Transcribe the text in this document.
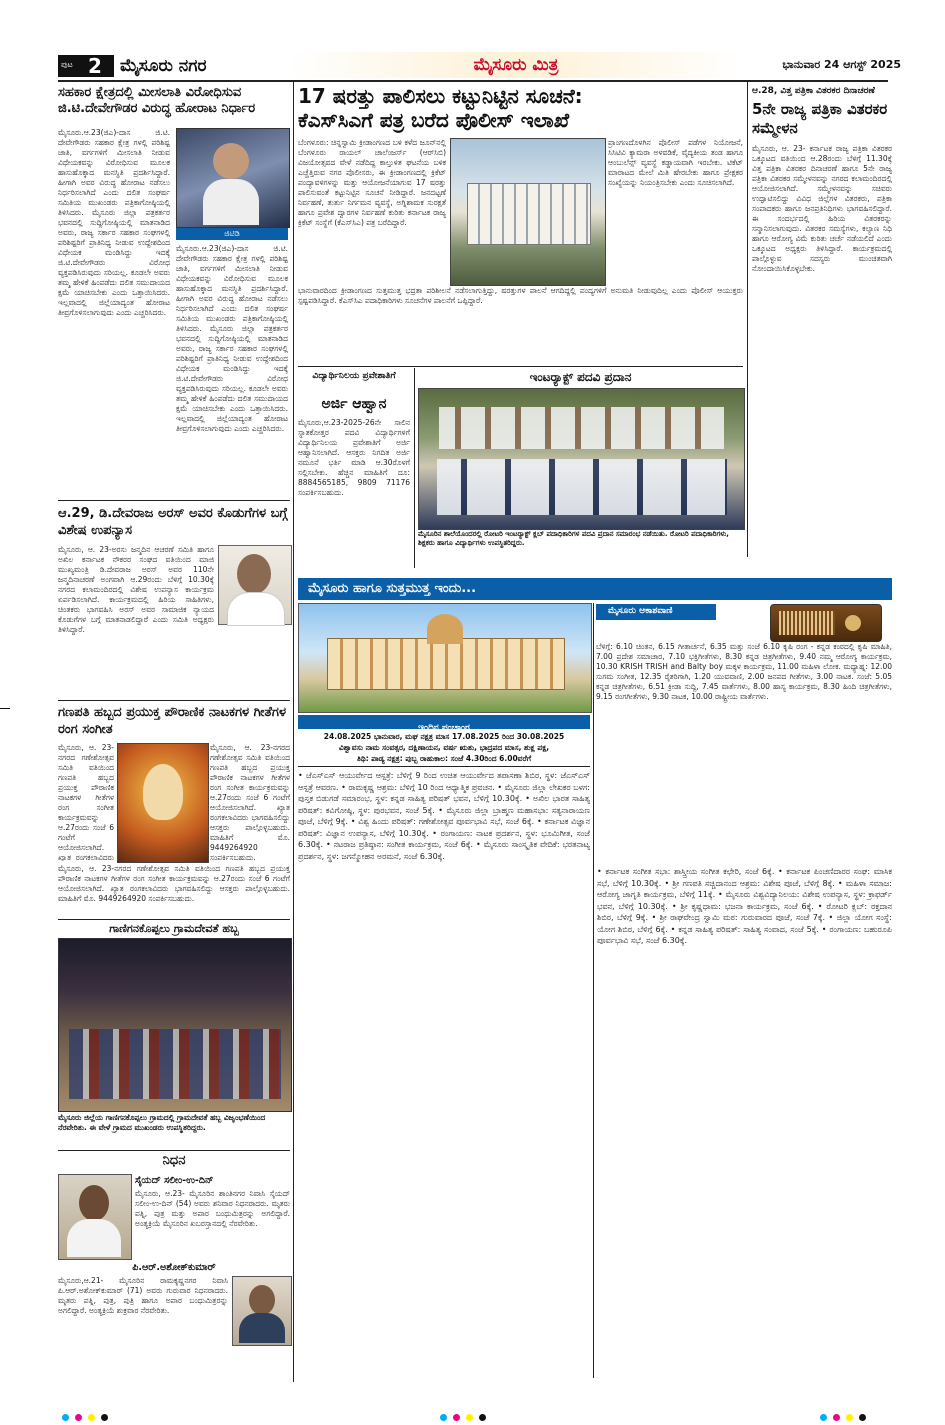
ಪುಟ 2 ಮೈಸೂರು ನಗರ	ಮೈಸೂರು ಮಿತ್ರ	ಭಾನುವಾರ 24 ಆಗಸ್ಟ್ 2025
ಸಹಕಾರ ಕ್ಷೇತ್ರದಲ್ಲಿ ಮೀಸಲಾತಿ ವಿರೋಧಿಸುವ ಜಿ.ಟಿ.ದೇವೇಗೌಡರ ವಿರುದ್ಧ ಹೋರಾಟ ನಿರ್ಧಾರ
ಜಿಟಿಡಿ
ಮೈಸೂರು.ಆ.23(ಜಿಎ)-ದಾಸ ಜಿ.ಟಿ. ದೇವೇಗೌಡರು ಸಹಕಾರ ಕ್ಷೇತ್ರ ಗಳಲ್ಲಿ ಪರಿಶಿಷ್ಟ ಜಾತಿ, ವರ್ಗಗಳಿಗೆ ಮೀಸಲಾತಿ ನೀಡುವ ವಿಧೇಯಕವನ್ನು ವಿರೋಧಿಸುವ ಮೂಲಕ ಹಾಸುಹೊಕ್ಕಾದ ಮನಸ್ಥಿತಿ ಪ್ರದರ್ಶಿಸಿದ್ದಾರೆ. ಹೀಗಾಗಿ ಅವರ ವಿರುದ್ಧ ಹೋರಾಟ ನಡೆಸಲು ನಿರ್ಧರಿಸಲಾಗಿದೆ ಎಂದು ದಲಿತ ಸಂಘರ್ಷ ಸಮಿತಿಯ ಮುಖಂಡರು ಪತ್ರಿಕಾಗೋಷ್ಠಿಯಲ್ಲಿ ತಿಳಿಸಿದರು. ಮೈಸೂರು ಜಿಲ್ಲಾ ಪತ್ರಕರ್ತರ ಭವನದಲ್ಲಿ ಸುದ್ದಿಗೋಷ್ಠಿಯಲ್ಲಿ ಮಾತನಾಡಿದ ಅವರು, ರಾಜ್ಯ ಸರ್ಕಾರ ಸಹಕಾರ ಸಂಘಗಳಲ್ಲಿ ಪರಿಶಿಷ್ಟರಿಗೆ ಪ್ರಾತಿನಿಧ್ಯ ನೀಡುವ ಉದ್ದೇಶದಿಂದ ವಿಧೇಯಕ ಮಂಡಿಸಿದ್ದು ಇದಕ್ಕೆ ಜಿ.ಟಿ.ದೇವೇಗೌಡರು ವಿರೋಧ ವ್ಯಕ್ತಪಡಿಸಿರುವುದು ಸರಿಯಲ್ಲ. ಕೂಡಲೇ ಅವರು ತಮ್ಮ ಹೇಳಿಕೆ ಹಿಂಪಡೆದು ದಲಿತ ಸಮುದಾಯದ ಕ್ಷಮೆ ಯಾಚಿಸಬೇಕು ಎಂದು ಒತ್ತಾಯಿಸಿದರು. ಇಲ್ಲವಾದಲ್ಲಿ ಜಿಲ್ಲೆಯಾದ್ಯಂತ ಹೋರಾಟ ತೀವ್ರಗೊಳಿಸಲಾಗುವುದು ಎಂದು ಎಚ್ಚರಿಸಿದರು.
ಮೈಸೂರು.ಆ.23(ಜಿಎ)-ದಾಸ ಜಿ.ಟಿ. ದೇವೇಗೌಡರು ಸಹಕಾರ ಕ್ಷೇತ್ರ ಗಳಲ್ಲಿ ಪರಿಶಿಷ್ಟ ಜಾತಿ, ವರ್ಗಗಳಿಗೆ ಮೀಸಲಾತಿ ನೀಡುವ ವಿಧೇಯಕವನ್ನು ವಿರೋಧಿಸುವ ಮೂಲಕ ಹಾಸುಹೊಕ್ಕಾದ ಮನಸ್ಥಿತಿ ಪ್ರದರ್ಶಿಸಿದ್ದಾರೆ. ಹೀಗಾಗಿ ಅವರ ವಿರುದ್ಧ ಹೋರಾಟ ನಡೆಸಲು ನಿರ್ಧರಿಸಲಾಗಿದೆ ಎಂದು ದಲಿತ ಸಂಘರ್ಷ ಸಮಿತಿಯ ಮುಖಂಡರು ಪತ್ರಿಕಾಗೋಷ್ಠಿಯಲ್ಲಿ ತಿಳಿಸಿದರು. ಮೈಸೂರು ಜಿಲ್ಲಾ ಪತ್ರಕರ್ತರ ಭವನದಲ್ಲಿ ಸುದ್ದಿಗೋಷ್ಠಿಯಲ್ಲಿ ಮಾತನಾಡಿದ ಅವರು, ರಾಜ್ಯ ಸರ್ಕಾರ ಸಹಕಾರ ಸಂಘಗಳಲ್ಲಿ ಪರಿಶಿಷ್ಟರಿಗೆ ಪ್ರಾತಿನಿಧ್ಯ ನೀಡುವ ಉದ್ದೇಶದಿಂದ ವಿಧೇಯಕ ಮಂಡಿಸಿದ್ದು ಇದಕ್ಕೆ ಜಿ.ಟಿ.ದೇವೇಗೌಡರು ವಿರೋಧ ವ್ಯಕ್ತಪಡಿಸಿರುವುದು ಸರಿಯಲ್ಲ. ಕೂಡಲೇ ಅವರು ತಮ್ಮ ಹೇಳಿಕೆ ಹಿಂಪಡೆದು ದಲಿತ ಸಮುದಾಯದ ಕ್ಷಮೆ ಯಾಚಿಸಬೇಕು ಎಂದು ಒತ್ತಾಯಿಸಿದರು. ಇಲ್ಲವಾದಲ್ಲಿ ಜಿಲ್ಲೆಯಾದ್ಯಂತ ಹೋರಾಟ ತೀವ್ರಗೊಳಿಸಲಾಗುವುದು ಎಂದು ಎಚ್ಚರಿಸಿದರು.
ಆ.29, ಡಿ.ದೇವರಾಜ ಅರಸ್ ಅವರ ಕೊಡುಗೆಗಳ ಬಗ್ಗೆ ವಿಶೇಷ ಉಪನ್ಯಾಸ
ಮೈಸೂರು, ಆ. 23-ಅರಸು ಜನ್ಮದಿನ ಆಚರಣೆ ಸಮಿತಿ ಹಾಗೂ ಅಖಿಲ ಕರ್ನಾಟಕ ನೌಕರರ ಸಂಘದ ವತಿಯಿಂದ ಮಾಜಿ ಮುಖ್ಯಮಂತ್ರಿ ಡಿ.ದೇವರಾಜ ಅರಸ್ ಅವರ 110ನೇ ಜನ್ಮದಿನಾಚರಣೆ ಅಂಗವಾಗಿ ಆ.29ರಂದು ಬೆಳಿಗ್ಗೆ 10.30ಕ್ಕೆ ನಗರದ ಕಲಾಮಂದಿರದಲ್ಲಿ ವಿಶೇಷ ಉಪನ್ಯಾಸ ಕಾರ್ಯಕ್ರಮ ಏರ್ಪಡಿಸಲಾಗಿದೆ. ಕಾರ್ಯಕ್ರಮದಲ್ಲಿ ಹಿರಿಯ ಸಾಹಿತಿಗಳು, ಚಿಂತಕರು ಭಾಗವಹಿಸಿ ಅರಸ್ ಅವರ ಸಾಮಾಜಿಕ ನ್ಯಾಯದ ಕೊಡುಗೆಗಳ ಬಗ್ಗೆ ಮಾತನಾಡಲಿದ್ದಾರೆ ಎಂದು ಸಮಿತಿ ಅಧ್ಯಕ್ಷರು ತಿಳಿಸಿದ್ದಾರೆ.
ಗಣಪತಿ ಹಬ್ಬದ ಪ್ರಯುಕ್ತ ಪೌರಾಣಿಕ ನಾಟಕಗಳ ಗೀತೆಗಳ ರಂಗ ಸಂಗೀತ
ಮೈಸೂರು, ಆ. 23-ನಗರದ ಗಣೇಶೋತ್ಸವ ಸಮಿತಿ ವತಿಯಿಂದ ಗಣಪತಿ ಹಬ್ಬದ ಪ್ರಯುಕ್ತ ಪೌರಾಣಿಕ ನಾಟಕಗಳ ಗೀತೆಗಳ ರಂಗ ಸಂಗೀತ ಕಾರ್ಯಕ್ರಮವನ್ನು ಆ.27ರಂದು ಸಂಜೆ 6 ಗಂಟೆಗೆ ಆಯೋಜಿಸಲಾಗಿದೆ. ಖ್ಯಾತ ರಂಗಕಲಾವಿದರು
ಮೈಸೂರು, ಆ. 23-ನಗರದ ಗಣೇಶೋತ್ಸವ ಸಮಿತಿ ವತಿಯಿಂದ ಗಣಪತಿ ಹಬ್ಬದ ಪ್ರಯುಕ್ತ ಪೌರಾಣಿಕ ನಾಟಕಗಳ ಗೀತೆಗಳ ರಂಗ ಸಂಗೀತ ಕಾರ್ಯಕ್ರಮವನ್ನು ಆ.27ರಂದು ಸಂಜೆ 6 ಗಂಟೆಗೆ ಆಯೋಜಿಸಲಾಗಿದೆ. ಖ್ಯಾತ ರಂಗಕಲಾವಿದರು ಭಾಗವಹಿಸಲಿದ್ದು ಆಸಕ್ತರು ಪಾಲ್ಗೊಳ್ಳಬಹುದು. ಮಾಹಿತಿಗೆ ಮೊ. 9449264920 ಸಂಪರ್ಕಿಸಬಹುದು.
ಮೈಸೂರು, ಆ. 23-ನಗರದ ಗಣೇಶೋತ್ಸವ ಸಮಿತಿ ವತಿಯಿಂದ ಗಣಪತಿ ಹಬ್ಬದ ಪ್ರಯುಕ್ತ ಪೌರಾಣಿಕ ನಾಟಕಗಳ ಗೀತೆಗಳ ರಂಗ ಸಂಗೀತ ಕಾರ್ಯಕ್ರಮವನ್ನು ಆ.27ರಂದು ಸಂಜೆ 6 ಗಂಟೆಗೆ ಆಯೋಜಿಸಲಾಗಿದೆ. ಖ್ಯಾತ ರಂಗಕಲಾವಿದರು ಭಾಗವಹಿಸಲಿದ್ದು ಆಸಕ್ತರು ಪಾಲ್ಗೊಳ್ಳಬಹುದು. ಮಾಹಿತಿಗೆ ಮೊ. 9449264920 ಸಂಪರ್ಕಿಸಬಹುದು.
ಗಾಣಿಗನಕೊಪ್ಪಲು ಗ್ರಾಮದೇವತೆ ಹಬ್ಬ
ಮೈಸೂರು ಜಿಲ್ಲೆಯ ಗಾಣಿಗನಕೊಪ್ಪಲು ಗ್ರಾಮದಲ್ಲಿ ಗ್ರಾಮದೇವತೆ ಹಬ್ಬ ವಿಜೃಂಭಣೆಯಿಂದ ನೆರವೇರಿತು. ಈ ವೇಳೆ ಗ್ರಾಮದ ಮುಖಂಡರು ಉಪಸ್ಥಿತರಿದ್ದರು.
ನಿಧನ
ಸೈಯದ್ ಸಲೀಂ-ಉ-ದಿನ್
ಮೈಸೂರು, ಆ.23- ಮೈಸೂರಿನ ಶಾಂತಿನಗರ ನಿವಾಸಿ ಸೈಯದ್ ಸಲೀಂ-ಉ-ದಿನ್ (54) ಅವರು ಶನಿವಾರ ನಿಧನರಾದರು. ಮೃತರು ಪತ್ನಿ, ಪುತ್ರ ಮತ್ತು ಅಪಾರ ಬಂಧುಮಿತ್ರರನ್ನು ಅಗಲಿದ್ದಾರೆ. ಅಂತ್ಯಕ್ರಿಯೆ ಮೈಸೂರಿನ ಖಬರಸ್ತಾನದಲ್ಲಿ ನೆರವೇರಿತು.
ಪಿ.ಆರ್.ಅಶೋಕ್‌ಕುಮಾರ್
ಮೈಸೂರು,ಆ.21- ಮೈಸೂರಿನ ರಾಮಕೃಷ್ಣನಗರ ನಿವಾಸಿ ಪಿ.ಆರ್.ಅಶೋಕ್‌ಕುಮಾರ್ (71) ಅವರು ಗುರುವಾರ ನಿಧನರಾದರು. ಮೃತರು ಪತ್ನಿ, ಪುತ್ರ, ಪುತ್ರಿ ಹಾಗೂ ಅಪಾರ ಬಂಧುಮಿತ್ರರನ್ನು ಅಗಲಿದ್ದಾರೆ. ಅಂತ್ಯಕ್ರಿಯೆ ಶುಕ್ರವಾರ ನೆರವೇರಿತು.
17 ಷರತ್ತು ಪಾಲಿಸಲು ಕಟ್ಟುನಿಟ್ಟಿನ ಸೂಚನೆ:
ಕೆಎಸ್‌ಸಿಎಗೆ ಪತ್ರ ಬರೆದ ಪೊಲೀಸ್ ಇಲಾಖೆ
ಬೆಂಗಳೂರು: ಚಿನ್ನಸ್ವಾಮಿ ಕ್ರೀಡಾಂಗಣದ ಬಳಿ ಕಳೆದ ಜೂನ್‌ನಲ್ಲಿ ಬೆಂಗಳೂರು ರಾಯಲ್ ಚಾಲೆಂಜರ್ಸ್ (ಆರ್‌ಸಿಬಿ) ವಿಜಯೋತ್ಸವದ ವೇಳೆ ನಡೆದಿದ್ದ ಕಾಲ್ತುಳಿತ ಘಟನೆಯ ಬಳಿಕ ಎಚ್ಚೆತ್ತಿರುವ ನಗರ ಪೊಲೀಸರು, ಈ ಕ್ರೀಡಾಂಗಣದಲ್ಲಿ ಕ್ರಿಕೆಟ್ ಪಂದ್ಯಾವಳಿಗಳನ್ನು ಮತ್ತು ಆಯೋಜನೆಯಾಗುವ 17 ಷರತ್ತು ಪಾಲಿಸುವಂತೆ ಕಟ್ಟುನಿಟ್ಟಿನ ಸೂಚನೆ ನೀಡಿದ್ದಾರೆ. ಜನದಟ್ಟಣೆ ನಿರ್ವಹಣೆ, ತುರ್ತು ನಿರ್ಗಮನ ವ್ಯವಸ್ಥೆ, ಅಗ್ನಿಶಾಮಕ ಸುರಕ್ಷತೆ ಹಾಗೂ ಪ್ರವೇಶ ದ್ವಾರಗಳ ನಿರ್ವಹಣೆ ಕುರಿತು ಕರ್ನಾಟಕ ರಾಜ್ಯ ಕ್ರಿಕೆಟ್ ಸಂಸ್ಥೆಗೆ (ಕೆಎಸ್‌ಸಿಎ) ಪತ್ರ ಬರೆದಿದ್ದಾರೆ.
ಪ್ರಾಂಗಣದೊಳಗಿನ ಪೊಲೀಸ್ ಪಡೆಗಳ ನಿಯೋಜನೆ, ಸಿಸಿಟಿವಿ ಕ್ಯಾಮರಾ ಅಳವಡಿಕೆ, ವೈದ್ಯಕೀಯ ತಂಡ ಹಾಗೂ ಆಂಬುಲೆನ್ಸ್ ವ್ಯವಸ್ಥೆ ಕಡ್ಡಾಯವಾಗಿ ಇರಬೇಕು. ಟಿಕೆಟ್ ಮಾರಾಟದ ಮೇಲೆ ಮಿತಿ ಹೇರಬೇಕು ಹಾಗೂ ಪ್ರೇಕ್ಷಕರ ಸಂಖ್ಯೆಯನ್ನು ನಿಯಂತ್ರಿಸಬೇಕು ಎಂದು ಸೂಚಿಸಲಾಗಿದೆ.
ಭಾನುವಾರದಿಂದ ಕ್ರೀಡಾಂಗಣದ ಸುತ್ತಮುತ್ತ ಭದ್ರತಾ ಪರಿಶೀಲನೆ ನಡೆಸಲಾಗುತ್ತಿದ್ದು, ಷರತ್ತುಗಳ ಪಾಲನೆ ಆಗದಿದ್ದಲ್ಲಿ ಪಂದ್ಯಗಳಿಗೆ ಅನುಮತಿ ನೀಡುವುದಿಲ್ಲ ಎಂದು ಪೊಲೀಸ್ ಆಯುಕ್ತರು ಸ್ಪಷ್ಟಪಡಿಸಿದ್ದಾರೆ. ಕೆಎಸ್‌ಸಿಎ ಪದಾಧಿಕಾರಿಗಳು ಸೂಚನೆಗಳ ಪಾಲನೆಗೆ ಒಪ್ಪಿದ್ದಾರೆ.
ಆ.28, ವಿತ್ತ ಪತ್ರಿಕಾ ವಿತರಕರ ದಿನಾಚರಣೆ
5ನೇ ರಾಜ್ಯ ಪತ್ರಿಕಾ ವಿತರಕರ ಸಮ್ಮೇಳನ
ಮೈಸೂರು, ಆ. 23- ಕರ್ನಾಟಕ ರಾಜ್ಯ ಪತ್ರಿಕಾ ವಿತರಕರ ಒಕ್ಕೂಟದ ವತಿಯಿಂದ ಆ.28ರಂದು ಬೆಳಿಗ್ಗೆ 11.30ಕ್ಕೆ ವಿತ್ತ ಪತ್ರಿಕಾ ವಿತರಕರ ದಿನಾಚರಣೆ ಹಾಗೂ 5ನೇ ರಾಜ್ಯ ಪತ್ರಿಕಾ ವಿತರಕರ ಸಮ್ಮೇಳನವನ್ನು ನಗರದ ಕಲಾಮಂದಿರದಲ್ಲಿ ಆಯೋಜಿಸಲಾಗಿದೆ. ಸಮ್ಮೇಳನವನ್ನು ಸಚಿವರು ಉದ್ಘಾಟಿಸಲಿದ್ದು ವಿವಿಧ ಜಿಲ್ಲೆಗಳ ವಿತರಕರು, ಪತ್ರಿಕಾ ಸಂಪಾದಕರು ಹಾಗೂ ಜನಪ್ರತಿನಿಧಿಗಳು ಭಾಗವಹಿಸಲಿದ್ದಾರೆ. ಈ ಸಂದರ್ಭದಲ್ಲಿ ಹಿರಿಯ ವಿತರಕರನ್ನು ಸನ್ಮಾನಿಸಲಾಗುವುದು. ವಿತರಕರ ಸಮಸ್ಯೆಗಳು, ಕಲ್ಯಾಣ ನಿಧಿ ಹಾಗೂ ಆರೋಗ್ಯ ವಿಮೆ ಕುರಿತು ಚರ್ಚೆ ನಡೆಯಲಿದೆ ಎಂದು ಒಕ್ಕೂಟದ ಅಧ್ಯಕ್ಷರು ತಿಳಿಸಿದ್ದಾರೆ. ಕಾರ್ಯಕ್ರಮದಲ್ಲಿ ಪಾಲ್ಗೊಳ್ಳುವ ಸದಸ್ಯರು ಮುಂಚಿತವಾಗಿ ನೋಂದಾಯಿಸಿಕೊಳ್ಳಬೇಕು.
ವಿದ್ಯಾರ್ಥಿನಿಲಯ ಪ್ರವೇಶಾತಿಗೆ
ಅರ್ಜಿ ಆಹ್ವಾನ
ಮೈಸೂರು,ಆ.23-2025-26ನೇ ಸಾಲಿನ ಸ್ನಾತಕೋತ್ತರ ಪದವಿ ವಿದ್ಯಾರ್ಥಿಗಳಿಗೆ ವಿದ್ಯಾರ್ಥಿನಿಲಯ ಪ್ರವೇಶಾತಿಗೆ ಅರ್ಜಿ ಆಹ್ವಾನಿಸಲಾಗಿದೆ. ಆಸಕ್ತರು ನಿಗದಿತ ಅರ್ಜಿ ನಮೂನೆ ಭರ್ತಿ ಮಾಡಿ ಆ.30ರೊಳಗೆ ಸಲ್ಲಿಸಬೇಕು. ಹೆಚ್ಚಿನ ಮಾಹಿತಿಗೆ ದೂ: 8884565185, 9809 71176 ಸಂಪರ್ಕಿಸಬಹುದು.
ಇಂಟರ‍್ಯಾಕ್ಟ್ ಪದವಿ ಪ್ರದಾನ
ಮೈಸೂರಿನ ಶಾಲೆಯೊಂದರಲ್ಲಿ ರೋಟರಿ ಇಂಟರ‍್ಯಾಕ್ಟ್ ಕ್ಲಬ್ ಪದಾಧಿಕಾರಿಗಳ ಪದವಿ ಪ್ರದಾನ ಸಮಾರಂಭ ನಡೆಯಿತು. ರೋಟರಿ ಪದಾಧಿಕಾರಿಗಳು, ಶಿಕ್ಷಕರು ಹಾಗೂ ವಿದ್ಯಾರ್ಥಿಗಳು ಉಪಸ್ಥಿತರಿದ್ದರು.
ಮೈಸೂರು ಹಾಗೂ ಸುತ್ತಮುತ್ತ ಇಂದು...
ಮೈಸೂರು ಆಕಾಶವಾಣಿ
ಬೆಳಿಗ್ಗೆ: 6.10 ಚಿಂತನ, 6.15 ಗೀತಾರ್ಚನೆ, 6.35 ಮತ್ತು ಸಂಜೆ 6.10 ಕೃಷಿ ರಂಗ - ಕನ್ನಡ ಕಂಠದಲ್ಲಿ ಕೃಷಿ ಮಾಹಿತಿ, 7.00 ಪ್ರದೇಶ ಸಮಾಚಾರ, 7.10 ಭಕ್ತಿಗೀತೆಗಳು, 8.30 ಕನ್ನಡ ಚಿತ್ರಗೀತೆಗಳು, 9.40 ನಮ್ಮ ಆರೋಗ್ಯ ಕಾರ್ಯಕ್ರಮ, 10.30 KRISH TRISH and Balty boy ಮಕ್ಕಳ ಕಾರ್ಯಕ್ರಮ, 11.00 ಮಹಿಳಾ ಲೋಕ. ಮಧ್ಯಾಹ್ನ: 12.00 ಸುಗಮ ಸಂಗೀತ, 12.35 ರೈತರಿಗಾಗಿ, 1.20 ಯುವವಾಣಿ, 2.00 ಜನಪದ ಗೀತೆಗಳು, 3.00 ನಾಟಕ. ಸಂಜೆ: 5.05 ಕನ್ನಡ ಚಿತ್ರಗೀತೆಗಳು, 6.51 ಕ್ರೀಡಾ ಸುದ್ದಿ, 7.45 ವಾರ್ತೆಗಳು, 8.00 ಹಾಸ್ಯ ಕಾರ್ಯಕ್ರಮ, 8.30 ಹಿಂದಿ ಚಿತ್ರಗೀತೆಗಳು, 9.15 ರಂಗಗೀತೆಗಳು, 9.30 ನಾಟಕ, 10.00 ರಾಷ್ಟ್ರೀಯ ವಾರ್ತೆಗಳು.
ಇಂದಿನ ಪಂಚಾಂಗ
24.08.2025 ಭಾನುವಾರ, ಮಘ ನಕ್ಷತ್ರ ಮಾಸ 17.08.2025 ರಿಂದ 30.08.2025
ವಿಶ್ವಾವಸು ನಾಮ ಸಂವತ್ಸರ, ದಕ್ಷಿಣಾಯನ, ವರ್ಷ ಋತು, ಭಾದ್ರಪದ ಮಾಸ, ಶುಕ್ಲ ಪಕ್ಷ,
ತಿಥಿ: ಪಾಡ್ಯ ನಕ್ಷತ್ರ: ಪುಬ್ಬ ರಾಹುಕಾಲ: ಸಂಜೆ 4.30ರಿಂದ 6.00ವರೆಗೆ
• ಜೆಎಸ್‌ಎಸ್ ಆಯುರ್ವೇದ ಆಸ್ಪತ್ರೆ: ಬೆಳಿಗ್ಗೆ 9 ರಿಂದ ಉಚಿತ ಆಯುರ್ವೇದ ತಪಾಸಣಾ ಶಿಬಿರ, ಸ್ಥಳ: ಜೆಎಸ್‌ಎಸ್ ಆಸ್ಪತ್ರೆ ಆವರಣ. • ರಾಮಕೃಷ್ಣ ಆಶ್ರಮ: ಬೆಳಿಗ್ಗೆ 10 ರಿಂದ ಆಧ್ಯಾತ್ಮಿಕ ಪ್ರವಚನ. • ಮೈಸೂರು ಜಿಲ್ಲಾ ಲೇಖಕರ ಬಳಗ: ಪುಸ್ತಕ ಬಿಡುಗಡೆ ಸಮಾರಂಭ, ಸ್ಥಳ: ಕನ್ನಡ ಸಾಹಿತ್ಯ ಪರಿಷತ್ ಭವನ, ಬೆಳಿಗ್ಗೆ 10.30ಕ್ಕೆ. • ಅಖಿಲ ಭಾರತ ಸಾಹಿತ್ಯ ಪರಿಷತ್: ಕವಿಗೋಷ್ಠಿ, ಸ್ಥಳ: ಪುರಭವನ, ಸಂಜೆ 5ಕ್ಕೆ. • ಮೈಸೂರು ಜಿಲ್ಲಾ ಬ್ರಾಹ್ಮಣ ಮಹಾಸಭಾ: ಸತ್ಯನಾರಾಯಣ ಪೂಜೆ, ಬೆಳಿಗ್ಗೆ 9ಕ್ಕೆ. • ವಿಶ್ವ ಹಿಂದು ಪರಿಷತ್: ಗಣೇಶೋತ್ಸವ ಪೂರ್ವಭಾವಿ ಸಭೆ, ಸಂಜೆ 6ಕ್ಕೆ. • ಕರ್ನಾಟಕ ವಿಜ್ಞಾನ ಪರಿಷತ್: ವಿಜ್ಞಾನ ಉಪನ್ಯಾಸ, ಬೆಳಿಗ್ಗೆ 10.30ಕ್ಕೆ. • ರಂಗಾಯಣ: ನಾಟಕ ಪ್ರದರ್ಶನ, ಸ್ಥಳ: ಭೂಮಿಗೀತ, ಸಂಜೆ 6.30ಕ್ಕೆ. • ನಟರಾಜ ಪ್ರತಿಷ್ಠಾನ: ಸಂಗೀತ ಕಾರ್ಯಕ್ರಮ, ಸಂಜೆ 6ಕ್ಕೆ. • ಮೈಸೂರು ಸಾಂಸ್ಕೃತಿಕ ವೇದಿಕೆ: ಭರತನಾಟ್ಯ ಪ್ರದರ್ಶನ, ಸ್ಥಳ: ಜಗನ್ಮೋಹನ ಅರಮನೆ, ಸಂಜೆ 6.30ಕ್ಕೆ.
• ಕರ್ನಾಟಕ ಸಂಗೀತ ಸಭಾ: ಶಾಸ್ತ್ರೀಯ ಸಂಗೀತ ಕಛೇರಿ, ಸಂಜೆ 6ಕ್ಕೆ. • ಕರ್ನಾಟಕ ಪಿಂಚಣಿದಾರರ ಸಂಘ: ಮಾಸಿಕ ಸಭೆ, ಬೆಳಿಗ್ಗೆ 10.30ಕ್ಕೆ. • ಶ್ರೀ ಗಣಪತಿ ಸಚ್ಚಿದಾನಂದ ಆಶ್ರಮ: ವಿಶೇಷ ಪೂಜೆ, ಬೆಳಿಗ್ಗೆ 8ಕ್ಕೆ. • ಮಹಿಳಾ ಸಮಾಜ: ಆರೋಗ್ಯ ಜಾಗೃತಿ ಕಾರ್ಯಕ್ರಮ, ಬೆಳಿಗ್ಗೆ 11ಕ್ಕೆ. • ಮೈಸೂರು ವಿಶ್ವವಿದ್ಯಾನಿಲಯ: ವಿಶೇಷ ಉಪನ್ಯಾಸ, ಸ್ಥಳ: ಕ್ರಾಫರ್ಡ್ ಭವನ, ಬೆಳಿಗ್ಗೆ 10.30ಕ್ಕೆ. • ಶ್ರೀ ಕೃಷ್ಣಧಾಮ: ಭಜನಾ ಕಾರ್ಯಕ್ರಮ, ಸಂಜೆ 6ಕ್ಕೆ. • ರೋಟರಿ ಕ್ಲಬ್: ರಕ್ತದಾನ ಶಿಬಿರ, ಬೆಳಿಗ್ಗೆ 9ಕ್ಕೆ. • ಶ್ರೀ ರಾಘವೇಂದ್ರ ಸ್ವಾಮಿ ಮಠ: ಗುರುವಾರದ ಪೂಜೆ, ಸಂಜೆ 7ಕ್ಕೆ. • ಜಿಲ್ಲಾ ಯೋಗ ಸಂಸ್ಥೆ: ಯೋಗ ಶಿಬಿರ, ಬೆಳಿಗ್ಗೆ 6ಕ್ಕೆ. • ಕನ್ನಡ ಸಾಹಿತ್ಯ ಪರಿಷತ್: ಸಾಹಿತ್ಯ ಸಂವಾದ, ಸಂಜೆ 5ಕ್ಕೆ. • ರಂಗಾಯಣ: ಬಹುರೂಪಿ ಪೂರ್ವಭಾವಿ ಸಭೆ, ಸಂಜೆ 6.30ಕ್ಕೆ.
